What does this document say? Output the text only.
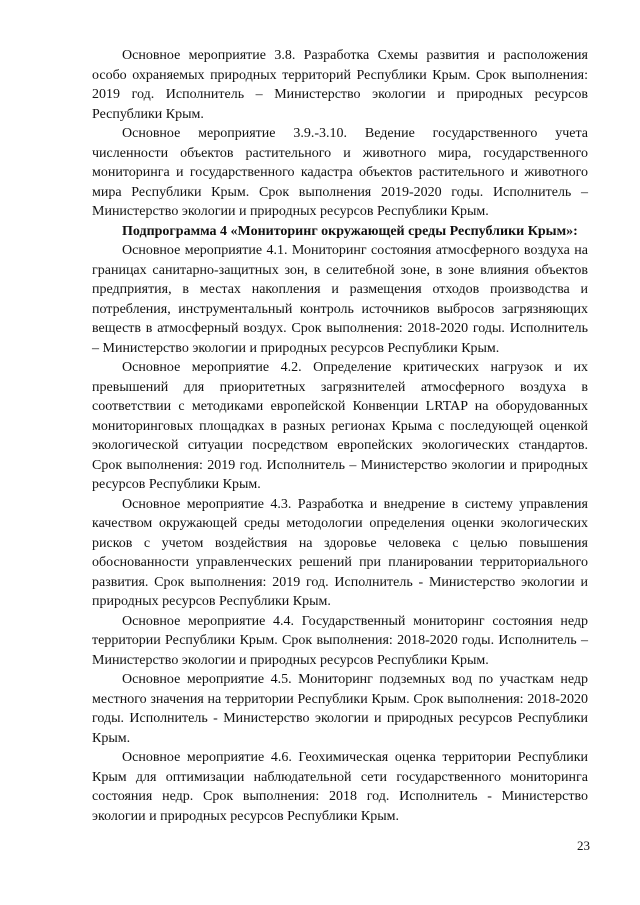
Основное мероприятие 3.8. Разработка Схемы развития и расположения особо охраняемых природных территорий Республики Крым. Срок выполнения: 2019 год. Исполнитель – Министерство экологии и природных ресурсов Республики Крым.

Основное мероприятие 3.9.-3.10. Ведение государственного учета численности объектов растительного и животного мира, государственного мониторинга и государственного кадастра объектов растительного и животного мира Республики Крым. Срок выполнения 2019-2020 годы. Исполнитель – Министерство экологии и природных ресурсов Республики Крым.

Подпрограмма 4 «Мониторинг окружающей среды Республики Крым»:

Основное мероприятие 4.1. Мониторинг состояния атмосферного воздуха на границах санитарно-защитных зон, в селитебной зоне, в зоне влияния объектов предприятия, в местах накопления и размещения отходов производства и потребления, инструментальный контроль источников выбросов загрязняющих веществ в атмосферный воздух. Срок выполнения: 2018-2020 годы. Исполнитель – Министерство экологии и природных ресурсов Республики Крым.

Основное мероприятие 4.2. Определение критических нагрузок и их превышений для приоритетных загрязнителей атмосферного воздуха в соответствии с методиками европейской Конвенции LRTAP на оборудованных мониторинговых площадках в разных регионах Крыма с последующей оценкой экологической ситуации посредством европейских экологических стандартов. Срок выполнения: 2019 год. Исполнитель – Министерство экологии и природных ресурсов Республики Крым.

Основное мероприятие 4.3. Разработка и внедрение в систему управления качеством окружающей среды методологии определения оценки экологических рисков с учетом воздействия на здоровье человека с целью повышения обоснованности управленческих решений при планировании территориального развития. Срок выполнения: 2019 год. Исполнитель - Министерство экологии и природных ресурсов Республики Крым.

Основное мероприятие 4.4. Государственный мониторинг состояния недр территории Республики Крым. Срок выполнения: 2018-2020 годы. Исполнитель – Министерство экологии и природных ресурсов Республики Крым.

Основное мероприятие 4.5. Мониторинг подземных вод по участкам недр местного значения на территории Республики Крым. Срок выполнения: 2018-2020 годы. Исполнитель - Министерство экологии и природных ресурсов Республики Крым.

Основное мероприятие 4.6. Геохимическая оценка территории Республики Крым для оптимизации наблюдательной сети государственного мониторинга состояния недр. Срок выполнения: 2018 год. Исполнитель - Министерство экологии и природных ресурсов Республики Крым.

23
